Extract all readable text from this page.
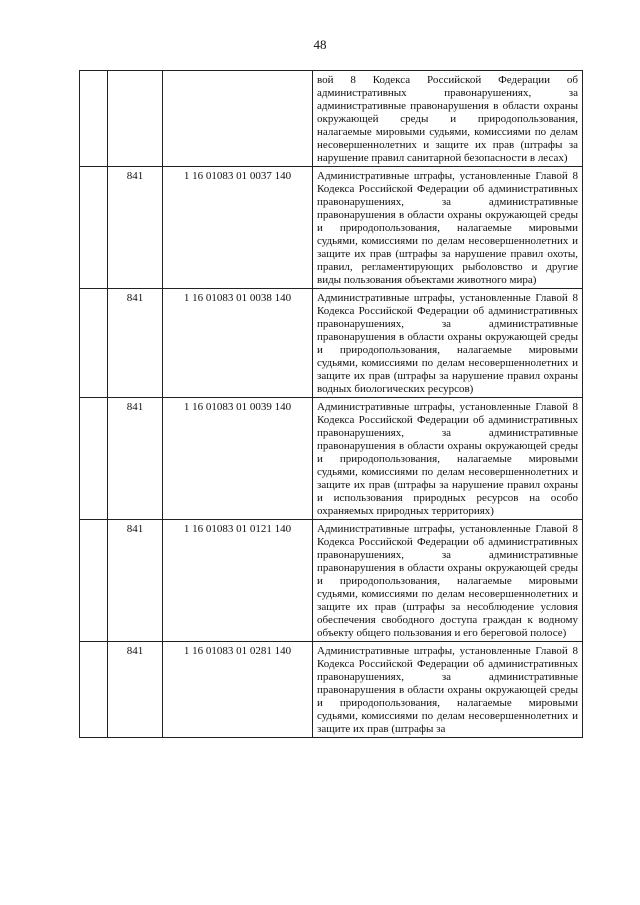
48
			вой 8 Кодекса Российской Федерации об административных правонарушениях, за административные правонарушения в области охраны окружающей среды и природопользования, налагаемые мировыми судьями, комиссиями по делам несовершеннолетних и защите их прав (штрафы за нарушение правил санитарной безопасности в лесах)
	841	1 16 01083 01 0037 140	Административные штрафы, установленные Главой 8 Кодекса Российской Федерации об административных правонарушениях, за административные правонарушения в области охраны окружающей среды и природопользования, налагаемые мировыми судьями, комиссиями по делам несовершеннолетних и защите их прав (штрафы за нарушение правил охоты, правил, регламентирующих рыболовство и другие виды пользования объектами животного мира)
	841	1 16 01083 01 0038 140	Административные штрафы, установленные Главой 8 Кодекса Российской Федерации об административных правонарушениях, за административные правонарушения в области охраны окружающей среды и природопользования, налагаемые мировыми судьями, комиссиями по делам несовершеннолетних и защите их прав (штрафы за нарушение правил охраны водных биологических ресурсов)
	841	1 16 01083 01 0039 140	Административные штрафы, установленные Главой 8 Кодекса Российской Федерации об административных правонарушениях, за административные правонарушения в области охраны окружающей среды и природопользования, налагаемые мировыми судьями, комиссиями по делам несовершеннолетних и защите их прав (штрафы за нарушение правил охраны и использования природных ресурсов на особо охраняемых природных территориях)
	841	1 16 01083 01 0121 140	Административные штрафы, установленные Главой 8 Кодекса Российской Федерации об административных правонарушениях, за административные правонарушения в области охраны окружающей среды и природопользования, налагаемые мировыми судьями, комиссиями по делам несовершеннолетних и защите их прав (штрафы за несоблюдение условия обеспечения свободного доступа граждан к водному объекту общего пользования и его береговой полосе)
	841	1 16 01083 01 0281 140	Административные штрафы, установленные Главой 8 Кодекса Российской Федерации об административных правонарушениях, за административные правонарушения в области охраны окружающей среды и природопользования, налагаемые мировыми судьями, комиссиями по делам несовершеннолетних и защите их прав (штрафы за
